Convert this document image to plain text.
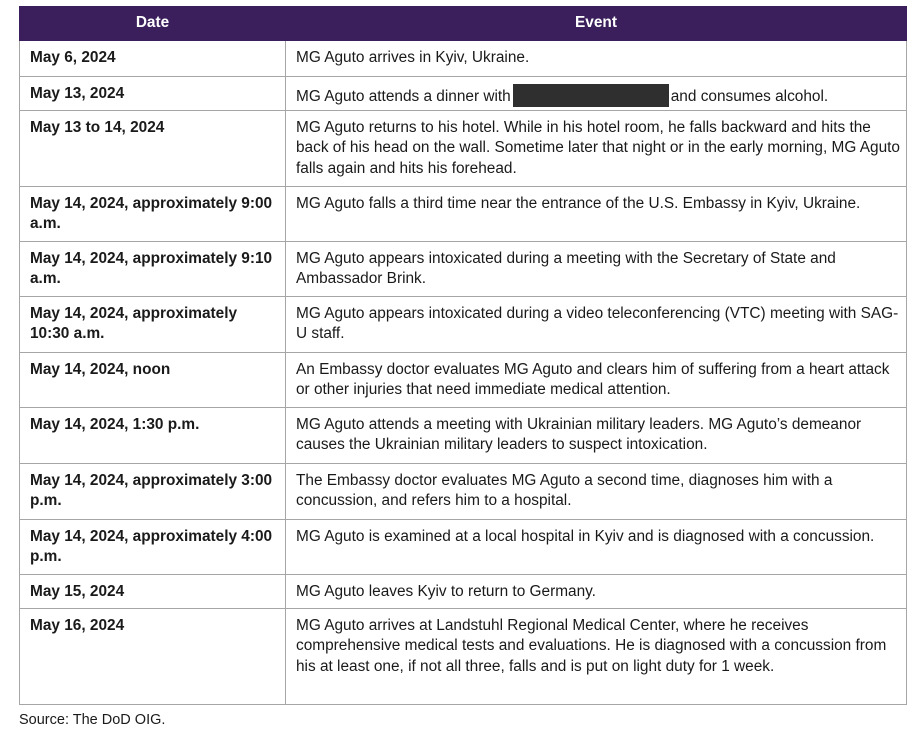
Date	Event
May 6, 2024	MG Aguto arrives in Kyiv, Ukraine.
May 13, 2024	MG Aguto attends a dinner with and consumes alcohol.
May 13 to 14, 2024	MG Aguto returns to his hotel. While in his hotel room, he falls backward and hits the back of his head on the wall. Sometime later that night or in the early morning, MG Aguto falls again and hits his forehead.
May 14, 2024, approximately 9:00 a.m.	MG Aguto falls a third time near the entrance of the U.S. Embassy in Kyiv, Ukraine.
May 14, 2024, approximately 9:10 a.m.	MG Aguto appears intoxicated during a meeting with the Secretary of State and Ambassador Brink.
May 14, 2024, approximately 10:30 a.m.	MG Aguto appears intoxicated during a video teleconferencing (VTC) meeting with SAG-U staff.
May 14, 2024, noon	An Embassy doctor evaluates MG Aguto and clears him of suffering from a heart attack or other injuries that need immediate medical attention.
May 14, 2024, 1:30 p.m.	MG Aguto attends a meeting with Ukrainian military leaders. MG Aguto’s demeanor causes the Ukrainian military leaders to suspect intoxication.
May 14, 2024, approximately 3:00 p.m.	The Embassy doctor evaluates MG Aguto a second time, diagnoses him with a concussion, and refers him to a hospital.
May 14, 2024, approximately 4:00 p.m.	MG Aguto is examined at a local hospital in Kyiv and is diagnosed with a concussion.
May 15, 2024	MG Aguto leaves Kyiv to return to Germany.
May 16, 2024	MG Aguto arrives at Landstuhl Regional Medical Center, where he receives comprehensive medical tests and evaluations. He is diagnosed with a concussion from his at least one, if not all three, falls and is put on light duty for 1 week.
Source: The DoD OIG.
